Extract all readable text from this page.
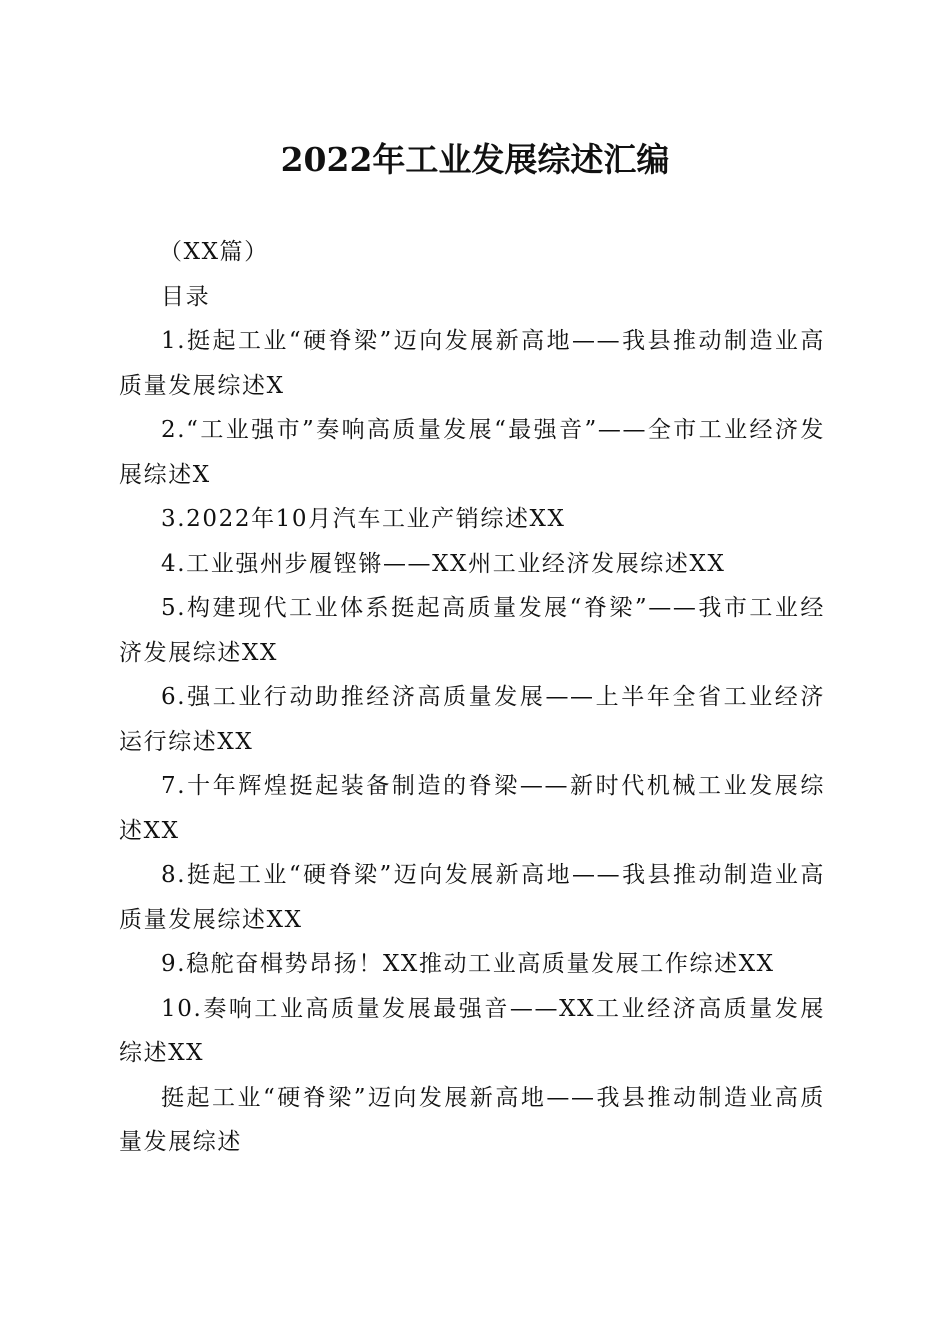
2022年工业发展综述汇编

（XX篇）

目录

1.挺起工业“硬脊梁”迈向发展新高地——我县推动制造业高质量发展综述X

2.“工业强市”奏响高质量发展“最强音”——全市工业经济发展综述X

3.2022年10月汽车工业产销综述XX

4.工业强州步履铿锵——XX州工业经济发展综述XX

5.构建现代工业体系挺起高质量发展“脊梁”——我市工业经济发展综述XX

6.强工业行动助推经济高质量发展——上半年全省工业经济运行综述XX

7.十年辉煌挺起装备制造的脊梁——新时代机械工业发展综述XX

8.挺起工业“硬脊梁”迈向发展新高地——我县推动制造业高质量发展综述XX

9.稳舵奋楫势昂扬！XX推动工业高质量发展工作综述XX

10.奏响工业高质量发展最强音——XX工业经济高质量发展综述XX

挺起工业“硬脊梁”迈向发展新高地——我县推动制造业高质量发展综述
